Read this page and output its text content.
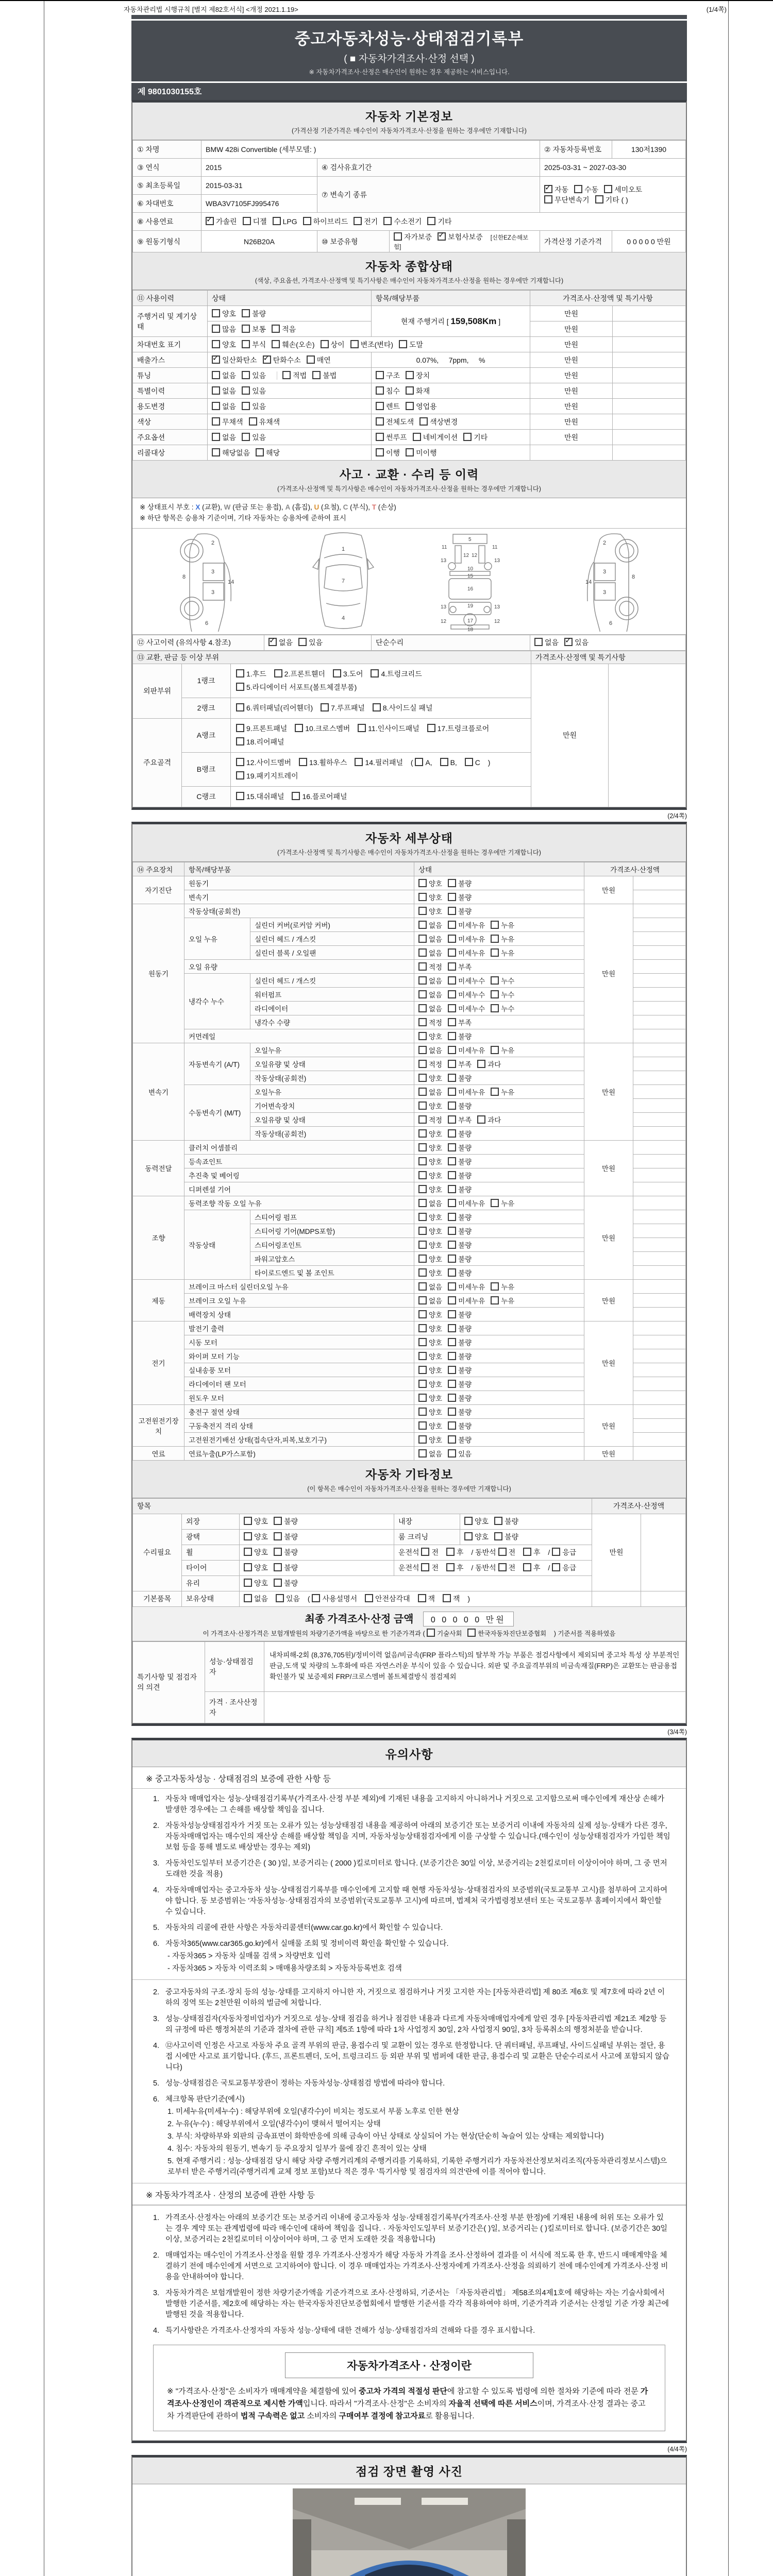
자동차관리법 시행규칙 [별지 제82호서식] <개정 2021.1.19>	(1/4쪽)
중고자동차성능·상태점검기록부
( ■ 자동차가격조사·산정 선택 )
※ 자동차가격조사·산정은 매수인이 원하는 경우 제공하는 서비스입니다.
제 9801030155호
자동차 기본정보
(가격산정 기준가격은 매수인이 자동차가격조사·산정을 원하는 경우에만 기재합니다)
① 차명	BMW 428i Convertible (세부모델: )			② 자동차등록번호	130저1390
③ 연식	2015	④ 검사유효기간		2025-03-31 ~ 2027-03-30	
⑤ 최초등록일	2015-03-31	⑦ 변속기 종류	✓자동 수동 세미오토
무단변속기 기타 ( )
⑥ 차대번호	WBA3V7105FJ995476				
⑧ 사용연료	✓가솔린 디젤 LPG 하이브리드 전기 수소전기 기타
⑨ 원동기형식	N26B20A	⑩ 보증유형	자가보증 ✓ 보험사보증 [신한EZ손해보험]	가격산정 기준가격	0 0 0 0 0 만원
자동차 종합상태
(색상, 주요옵션, 가격조사·산정액 및 특기사항은 매수인이 자동차가격조사·산정을 원하는 경우에만 기재합니다)
⑪ 사용이력	상태	항목/해당부품	가격조사·산정액 및 특기사항	
주행거리 및 계기상태	양호 불량	현재 주행거리 [ 159,508Km ]	만원	
	많음 보통 적음		만원	
차대번호 표기	양호 부식 훼손(오손) 상이 변조(변타) 도말		만원	
배출가스	✓일산화탄소 ✓ 탄화수소 매연	0.07%,     7ppm,     %	만원	
튜닝	없음 있음 적법 불법	구조 장치	만원	
특별이력	없음 있음	침수 화재	만원	
용도변경	없음 있음	렌트 영업용	만원	
색상	무채색 유채색	전체도색 색상변경	만원	
주요옵션	없음 있음	썬루프 네비게이션 기타	만원	
리콜대상	해당없음 해당	이행 미이행		
사고 · 교환 · 수리 등 이력
(가격조사·산정액 및 특기사항은 매수인이 자동차가격조사·산정을 원하는 경우에만 기재합니다)
※ 상태표시 부호 : X (교환), W (판금 또는 용접), A (흠집), U (요철), C (부식), T (손상)
※ 하단 항목은 승용차 기준이며, 기타 자동차는 승용차에 준하여 표시
2
8
3
3
14
6
1
7
4
5
11	11
12 12
13	13
10
15
16
19
13	13
12	12
17
18
2
8
3
3
14
6
⑫ 사고이력 (유의사항 4.참조)	✓없음 있음	단순수리	없음 ✓ 있음
⑬ 교환, 판금 등 이상 부위			가격조사·산정액 및 특기사항	
외판부위	1랭크	1.후드 2.프론트휀더 3.도어 4.트렁크리드
5.라디에이터 서포트(볼트체결부품)	만원	
	2랭크	6.쿼터패널(리어휀더) 7.루프패널 8.사이드실 패널		
주요골격	A랭크	9.프론트패널 10.크로스멤버 11.인사이드패널 17.트렁크플로어
18.리어패널		
	B랭크	12.사이드멤버 13.휠하우스 14.필러패널 ( A, B, C )
19.패키지트레이		
	C랭크	15.대쉬패널 16.플로어패널		
(2/4쪽)
자동차 세부상태
(가격조사·산정액 및 특기사항은 매수인이 자동차가격조사·산정을 원하는 경우에만 기재합니다)
⑭ 주요장치	항목/해당부품		상태	가격조사·산정액	
자기진단	원동기		양호 불량	만원	
	변속기		양호 불량		
원동기	작동상태(공회전)		양호 불량	만원	
	오일 누유	실린더 커버(로커암 커버)	없음 미세누유 누유		
		실린더 헤드 / 개스킷	없음 미세누유 누유		
		실린더 블록 / 오일팬	없음 미세누유 누유		
	오일 유량		적정 부족		
	냉각수 누수	실린더 헤드 / 개스킷	없음 미세누수 누수		
		워터펌프	없음 미세누수 누수		
		라디에이터	없음 미세누수 누수		
		냉각수 수량	적정 부족		
	커먼레일		양호 불량		
변속기	자동변속기 (A/T)	오일누유	없음 미세누유 누유	만원	
		오일유량 및 상태	적정 부족 과다		
		작동상태(공회전)	양호 불량		
	수동변속기 (M/T)	오일누유	없음 미세누유 누유		
		기어변속장치	양호 불량		
		오일유량 및 상태	적정 부족 과다		
		작동상태(공회전)	양호 불량		
동력전달	클러치 어셈블리		양호 불량	만원	
	등속죠인트		양호 불량		
	추진축 및 베어링		양호 불량		
	디퍼렌셜 기어		양호 불량		
조향	동력조향 작동 오일 누유		없음 미세누유 누유	만원	
	작동상태	스티어링 펌프	양호 불량		
		스티어링 기어(MDPS포함)	양호 불량		
		스티어링조인트	양호 불량		
		파워고압호스	양호 불량		
		타이로드엔드 및 볼 조인트	양호 불량		
제동	브레이크 마스터 실린더오일 누유		없음 미세누유 누유	만원	
	브레이크 오일 누유		없음 미세누유 누유		
	배력장치 상태		양호 불량		
전기	발전기 출력		양호 불량	만원	
	시동 모터		양호 불량		
	와이퍼 모터 기능		양호 불량		
	실내송풍 모터		양호 불량		
	라디에이터 팬 모터		양호 불량		
	윈도우 모터		양호 불량		
고전원전기장치	충전구 절연 상태		양호 불량	만원	
	구동축전지 격리 상태		양호 불량		
	고전원전기배선 상태(접속단자,피복,보호기구)		양호 불량		
연료	연료누출(LP가스포함)		없음 있음	만원	
자동차 기타정보
(이 항목은 매수인이 자동차가격조사·산정을 원하는 경우에만 기재합니다)
항목					가격조사·산정액	
수리필요	외장	양호 불량	내장	양호 불량	만원	
	광택	양호 불량	룸 크리닝	양호 불량		
	휠	양호 불량	운전석 전 후 / 동반석 전 후 / 응급			
	타이어	양호 불량	운전석 전 후 / 동반석 전 후 / 응급			
	유리	양호 불량				
기본품목	보유상태	없음 있음 ( 사용설명서 안전삼각대 잭 잭 )				
최종 가격조사·산정 금액 0 0 0 0 0 만원
이 가격조사·산정가격은 보험개발원의 차량기준가액을 바탕으로 한 기준가격과 ( 기술사회 한국자동차진단보증협회 ) 기준서를 적용하였음
특기사항 및 점검자의 의견	성능·상태점검자	내차피해-2회 (8,376,705원)/정비이력 없음/비금속(FRP 플라스틱)의 탈부착 가능 부품은 점검사항에서 제외되며 중고차 특성 상 부분적인 판금,도색 및 차량의 노후화에 따른 자연스러운 부식이 있을 수 있습니다. 외판 및 주요골격부위의 비금속재질(FRP)은 교환또는 판금용접 확인불가 및 보증제외 FRP/크로스멤버 볼트체결방식 점검제외
	가격 · 조사산정자	
(3/4쪽)
유의사항
※ 중고자동차성능 · 상태점검의 보증에 관한 사항 등
1. 자동차 매매업자는 성능·상태점검기록부(가격조사·산정 부분 제외)에 기재된 내용을 고지하지 아니하거나 거짓으로 고지함으로써 매수인에게 재산상 손해가 발생한 경우에는 그 손해를 배상할 책임을 집니다.
2. 자동차성능상태점검자가 거짓 또는 오류가 있는 성능상태점검 내용을 제공하여 아래의 보증기간 또는 보증거리 이내에 자동차의 실제 성능·상태가 다른 경우, 자동차매매업자는 매수인의 재산상 손해를 배상할 책임을 지며, 자동차성능상태점검자에게 이를 구상할 수 있습니다.(매수인이 성능상태점검자가 가입한 책임보험 등을 통해 별도로 배상받는 경우는 제외)
3. 자동차인도일부터 보증기간은 ( 30 )일, 보증거리는 ( 2000 )킬로미터로 합니다. (보증기간은 30일 이상, 보증거리는 2천킬로미터 이상이어야 하며, 그 중 먼저 도래한 것을 적용)
4. 자동차매매업자는 중고자동차 성능·상태점검기록부를 매수인에게 고지할 때 현행 자동차성능·상태점검자의 보증범위(국토교통부 고시)를 첨부하여 고지하여야 합니다. 동 보증범위는 '자동차성능·상태점검자의 보증범위'(국토교통부 고시)에 따르며, 법제처 국가법령정보센터 또는 국토교통부 홈페이지에서 확인할 수 있습니다.
5. 자동차의 리콜에 관한 사항은 자동차리콜센터(www.car.go.kr)에서 확인할 수 있습니다.
6. 자동차365(www.car365.go.kr)에서 실매물 조회 및 정비이력 확인을 확인할 수 있습니다.
- 자동차365 > 자동차 실매물 검색 > 차량번호 입력
- 자동차365 > 자동차 이력조회 > 매매용차량조회 > 자동차등록번호 검색
2. 중고자동차의 구조·장치 등의 성능·상태를 고지하지 아니한 자, 거짓으로 점검하거나 거짓 고지한 자는 [자동차관리법] 제 80조 제6호 및 제7호에 따라 2년 이하의 징역 또는 2천만원 이하의 벌금에 처합니다.
3. 성능·상태점검자(자동차정비업자)가 거짓으로 성능·상태 점검을 하거나 점검한 내용과 다르게 자동차매매업자에게 알린 경우 [자동차관리법 제21조 제2항 등의 규정에 따른 행정처분의 기준과 절차에 관한 규칙] 제5조 1항에 따라 1차 사업정지 30일, 2차 사업정지 90일, 3차 등록취소의 행정처분을 받습니다.
4. ⑫사고이력 인정은 사고로 자동차 주요 골격 부위의 판금, 용접수리 및 교환이 있는 경우로 한정합니다. 단 쿼터패널, 루프패널, 사이드실패널 부위는 절단, 용접 시에만 사고로 표기합니다. (후드, 프론트펜더, 도어, 트렁크리드 등 외판 부위 및 범퍼에 대한 판금, 용접수리 및 교환은 단순수리로서 사고에 포함되지 않습니다)
5. 성능·상태점검은 국토교통부장관이 정하는 자동차성능·상태점검 방법에 따라야 합니다.
6. 체크항목 판단기준(예시)
1. 미세누유(미세누수) : 해당부위에 오일(냉각수)이 비치는 정도로서 부품 노후로 인한 현상
2. 누유(누수) : 해당부위에서 오일(냉각수)이 맺혀서 떨어지는 상태
3. 부식: 차량하부와 외판의 금속표면이 화학반응에 의해 금속이 아닌 상태로 상실되어 가는 현상(단순히 녹슬어 있는 상태는 제외합니다)
4. 침수: 자동차의 원동기, 변속기 등 주요장치 일부가 물에 잠긴 흔적이 있는 상태
5. 현재 주행거리 : 성능·상태점검 당시 해당 차량 주행거리계의 주행거리를 기록하되, 기록한 주행거리가 자동차전산정보처리조직(자동차관리정보시스템)으로부터 받은 주행거리(주행거리계 교체 정보 포함)보다 적은 경우 '특기사항 및 점검자의 의견'란에 이를 적어야 합니다.
※ 자동차가격조사 · 산정의 보증에 관한 사항 등
1. 가격조사·산정자는 아래의 보증기간 또는 보증거리 이내에 중고자동차 성능·상태점검기록부(가격조사·산정 부분 한정)에 기재된 내용에 허위 또는 오류가 있는 경우 계약 또는 관계법령에 따라 매수인에 대하여 책임을 집니다. · 자동차인도일부터 보증기간은( )일, 보증거리는 ( )킬로미터로 합니다. (보증기간은 30일 이상, 보증거리는 2천킬로미터 이상이어야 하며, 그 중 먼저 도래한 것을 적용합니다)
2. 매매업자는 매수인이 가격조사·산정을 원할 경우 가격조사·산정자가 해당 자동차 가격을 조사·산정하여 결과를 이 서식에 적도록 한 후, 반드시 매매계약을 체결하기 전에 매수인에게 서면으로 고지하여야 합니다. 이 경우 매매업자는 가격조사·산정자에게 가격조사·산정을 의뢰하기 전에 매수인에게 가격조사·산정 비용을 안내하여야 합니다.
3. 자동차가격은 보험개발원이 정한 차량기준가액을 기준가격으로 조사·산정하되, 기준서는 「자동차관리법」 제58조의4제1호에 해당하는 자는 기술사회에서 발행한 기준서를, 제2호에 해당하는 자는 한국자동차진단보증협회에서 발행한 기준서를 각각 적용하여야 하며, 기준가격과 기준서는 산정일 기준 가장 최근에 발행된 것을 적용합니다.
4. 특기사항란은 가격조사·산정자의 자동차 성능·상태에 대한 견해가 성능·상태점검자의 견해와 다를 경우 표시합니다.
자동차가격조사 · 산정이란
※ "가격조사·산정"은 소비자가 매매계약을 체결함에 있어 중고차 가격의 적절성 판단에 참고할 수 있도록 법령에 의한 절차와 기준에 따라 전문 가격조사·산정인이 객관적으로 제시한 가액입니다. 따라서 "가격조사·산정"은 소비자의 자율적 선택에 따른 서비스이며, 가격조사·산정 결과는 중고차 가격판단에 관하여 법적 구속력은 없고 소비자의 구매여부 결정에 참고자료로 활용됩니다.
(4/4쪽)
점검 장면 촬영 사진
